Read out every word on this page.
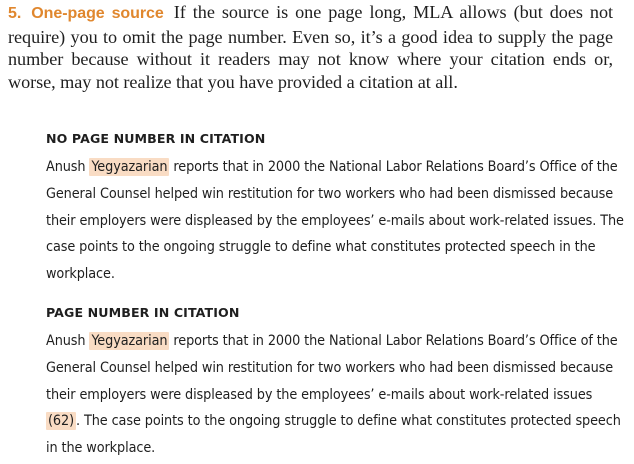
5. One-page source If the source is one page long, MLA allows (but does not require) you to omit the page number. Even so, it’s a good idea to supply the page number because without it readers may not know where your citation ends or, worse, may not realize that you have provided a citation at all.

NO PAGE NUMBER IN CITATION

Anush Yegyazarian reports that in 2000 the National Labor Relations Board’s Office of the General Counsel helped win restitution for two workers who had been dismissed because their employers were displeased by the employees’ e-mails about work-related issues. The case points to the ongoing struggle to define what constitutes protected speech in the workplace.

PAGE NUMBER IN CITATION

Anush Yegyazarian reports that in 2000 the National Labor Relations Board’s Office of the General Counsel helped win restitution for two workers who had been dismissed because their employers were displeased by the employees’ e-mails about work-related issues (62) . The case points to the ongoing struggle to define what constitutes protected speech in the workplace.
